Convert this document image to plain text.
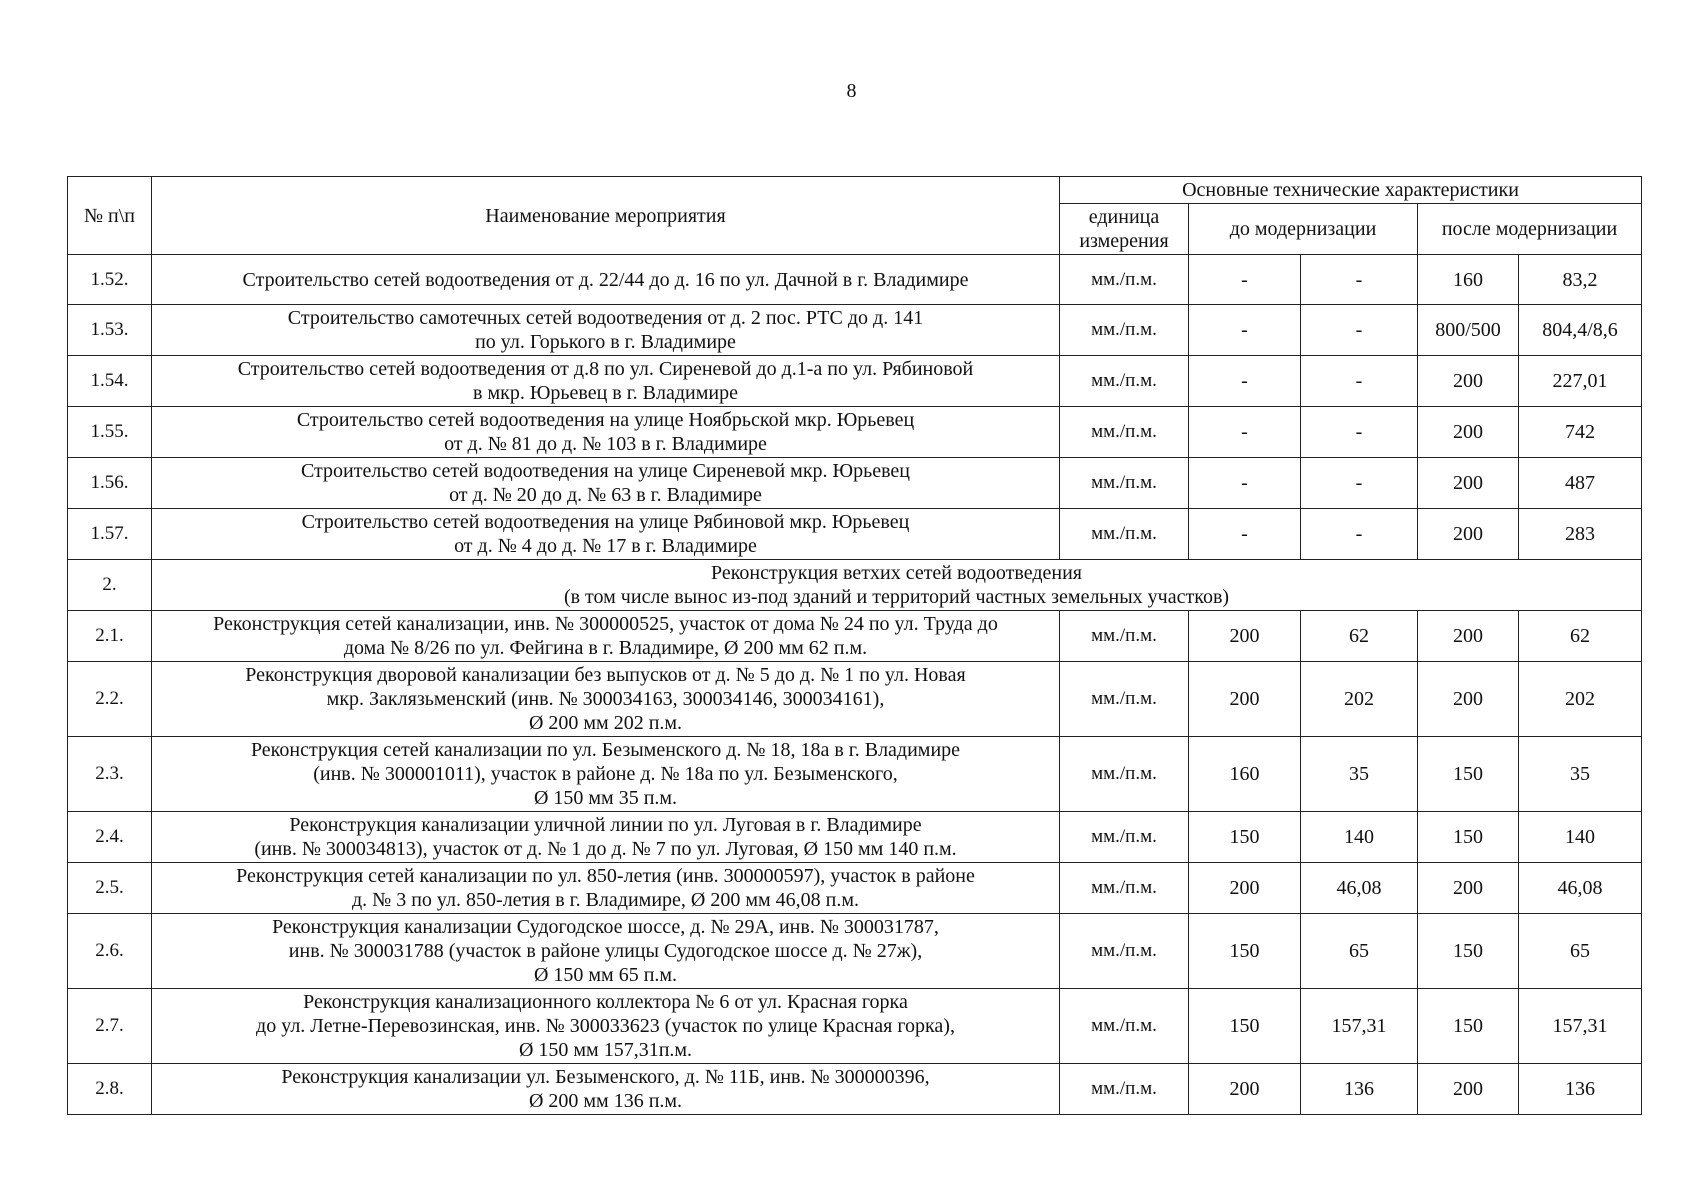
8
№ п\п	Наименование мероприятия	Основные технические характеристики				
		единица измерения	до модернизации		после модернизации	
1.52.	Строительство сетей водоотведения от д. 22/44 до д. 16 по ул. Дачной в г. Владимире	мм./п.м.	-	-	160	83,2
1.53.	Строительство самотечных сетей водоотведения от д. 2 пос. РТС до д. 141
по ул. Горького в г. Владимире	мм./п.м.	-	-	800/500	804,4/8,6
1.54.	Строительство сетей водоотведения от д.8 по ул. Сиреневой до д.1-а по ул. Рябиновой
в мкр. Юрьевец в г. Владимире	мм./п.м.	-	-	200	227,01
1.55.	Строительство сетей водоотведения на улице Ноябрьской мкр. Юрьевец
от д. № 81 до д. № 103 в г. Владимире	мм./п.м.	-	-	200	742
1.56.	Строительство сетей водоотведения на улице Сиреневой мкр. Юрьевец
от д. № 20 до д. № 63 в г. Владимире	мм./п.м.	-	-	200	487
1.57.	Строительство сетей водоотведения на улице Рябиновой мкр. Юрьевец
от д. № 4 до д. № 17 в г. Владимире	мм./п.м.	-	-	200	283
2.	Реконструкция ветхих сетей водоотведения
(в том числе вынос из-под зданий и территорий частных земельных участков)					

2.1.	Реконструкция сетей канализации, инв. № 300000525, участок от дома № 24 по ул. Труда до
дома № 8/26 по ул. Фейгина в г. Владимире, Ø 200 мм 62 п.м.	мм./п.м.	200	62	200	62
2.2.	Реконструкция дворовой канализации без выпусков от д. № 5 до д. № 1 по ул. Новая
мкр. Заклязьменский (инв. № 300034163, 300034146, 300034161),
Ø 200 мм 202 п.м.	мм./п.м.	200	202	200	202
2.3.	Реконструкция сетей канализации по ул. Безыменского д. № 18, 18а в г. Владимире
(инв. № 300001011), участок в районе д. № 18а по ул. Безыменского,
Ø 150 мм 35 п.м.	мм./п.м.	160	35	150	35
2.4.	Реконструкция канализации уличной линии по ул. Луговая в г. Владимире
(инв. № 300034813), участок от д. № 1 до д. № 7 по ул. Луговая, Ø 150 мм 140 п.м.	мм./п.м.	150	140	150	140
2.5.	Реконструкция сетей канализации по ул. 850-летия (инв. 300000597), участок в районе
д. № 3 по ул. 850-летия в г. Владимире, Ø 200 мм 46,08 п.м.	мм./п.м.	200	46,08	200	46,08
2.6.	Реконструкция канализации Судогодское шоссе, д. № 29А, инв. № 300031787,
инв. № 300031788 (участок в районе улицы Судогодское шоссе д. № 27ж),
Ø 150 мм 65 п.м.	мм./п.м.	150	65	150	65
2.7.	Реконструкция канализационного коллектора № 6 от ул. Красная горка
до ул. Летне-Перевозинская, инв. № 300033623 (участок по улице Красная горка),
Ø 150 мм 157,31п.м.	мм./п.м.	150	157,31	150	157,31
2.8.	Реконструкция канализации ул. Безыменского, д. № 11Б, инв. № 300000396,
Ø 200 мм 136 п.м.	мм./п.м.	200	136	200	136
